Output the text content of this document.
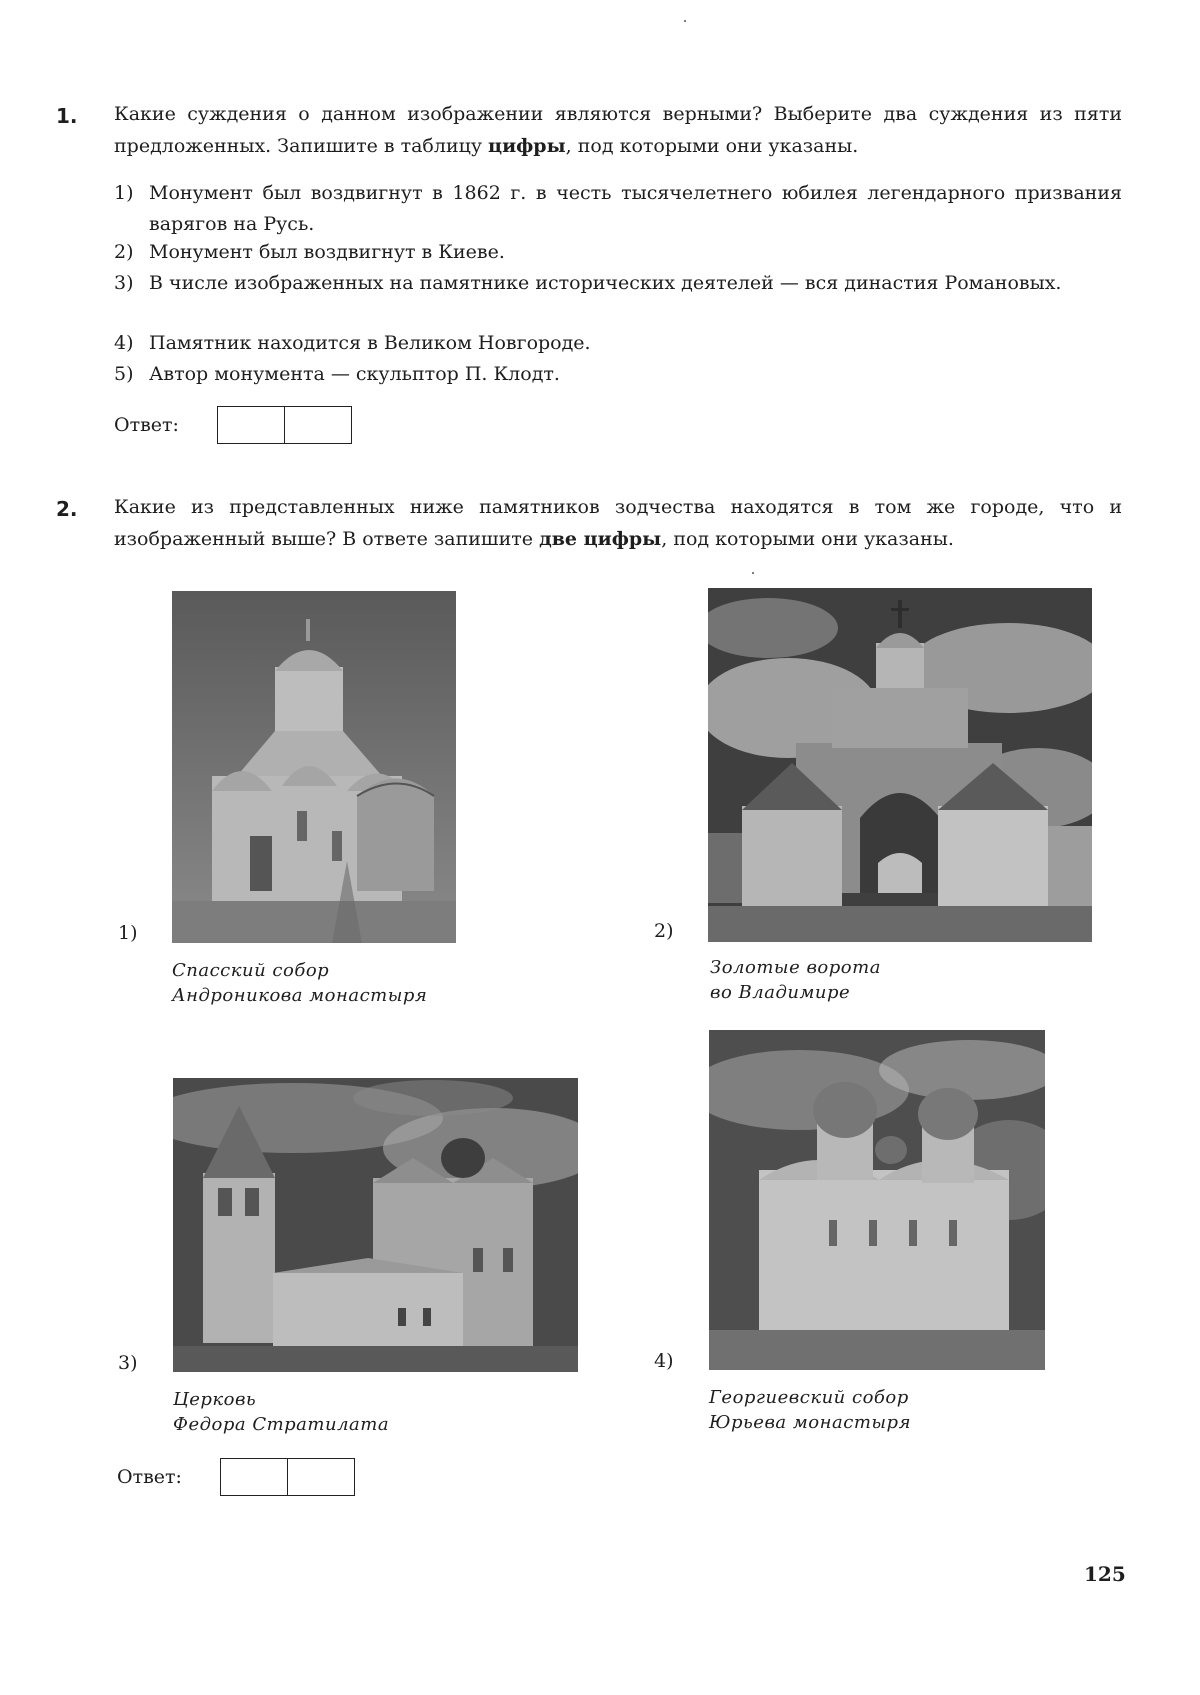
1. Какие суждения о данном изображении являются верными? Выберите два суждения из пяти предложенных. Запишите в таблицу цифры, под которыми они указаны.
1) Монумент был воздвигнут в 1862 г. в честь тысячелетнего юбилея легендарного призвания варягов на Русь.
2) Монумент был воздвигнут в Киеве.
3) В числе изображенных на памятнике исторических деятелей — вся династия Романовых.
4) Памятник находится в Великом Новгороде.
5) Автор монумента — скульптор П. Клодт.
Ответ:
2. Какие из представленных ниже памятников зодчества находятся в том же городе, что и изображенный выше? В ответе запишите две цифры, под которыми они указаны.
1)
Спасский собор
Андроникова монастыря
2)
Золотые ворота
во Владимире
3)
Церковь
Федора Стратилата
4)
Георгиевский собор
Юрьева монастыря
Ответ:
125
